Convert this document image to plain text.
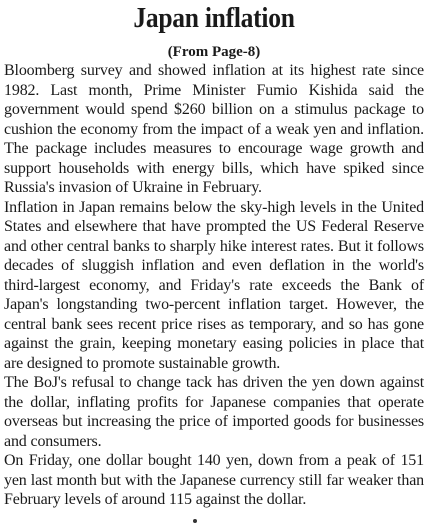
Japan inflation
(From Page-8)

Bloomberg survey and showed inflation at its highest rate since 1982. Last month, Prime Minister Fumio Kishida said the government would spend $260 billion on a stimulus package to cushion the economy from the impact of a weak yen and inflation. The package includes measures to encourage wage growth and support households with energy bills, which have spiked since Russia's invasion of Ukraine in February.

Inflation in Japan remains below the sky-high levels in the United States and elsewhere that have prompted the US Federal Reserve and other central banks to sharply hike interest rates. But it follows decades of sluggish inflation and even deflation in the world's third-largest economy, and Friday's rate exceeds the Bank of Japan's longstanding two-percent inflation target. However, the central bank sees recent price rises as temporary, and so has gone against the grain, keeping monetary easing policies in place that are designed to promote sustainable growth.

The BoJ's refusal to change tack has driven the yen down against the dollar, inflating profits for Japanese companies that operate overseas but increasing the price of imported goods for businesses and consumers.

On Friday, one dollar bought 140 yen, down from a peak of 151 yen last month but with the Japanese currency still far weaker than February levels of around 115 against the dollar.
